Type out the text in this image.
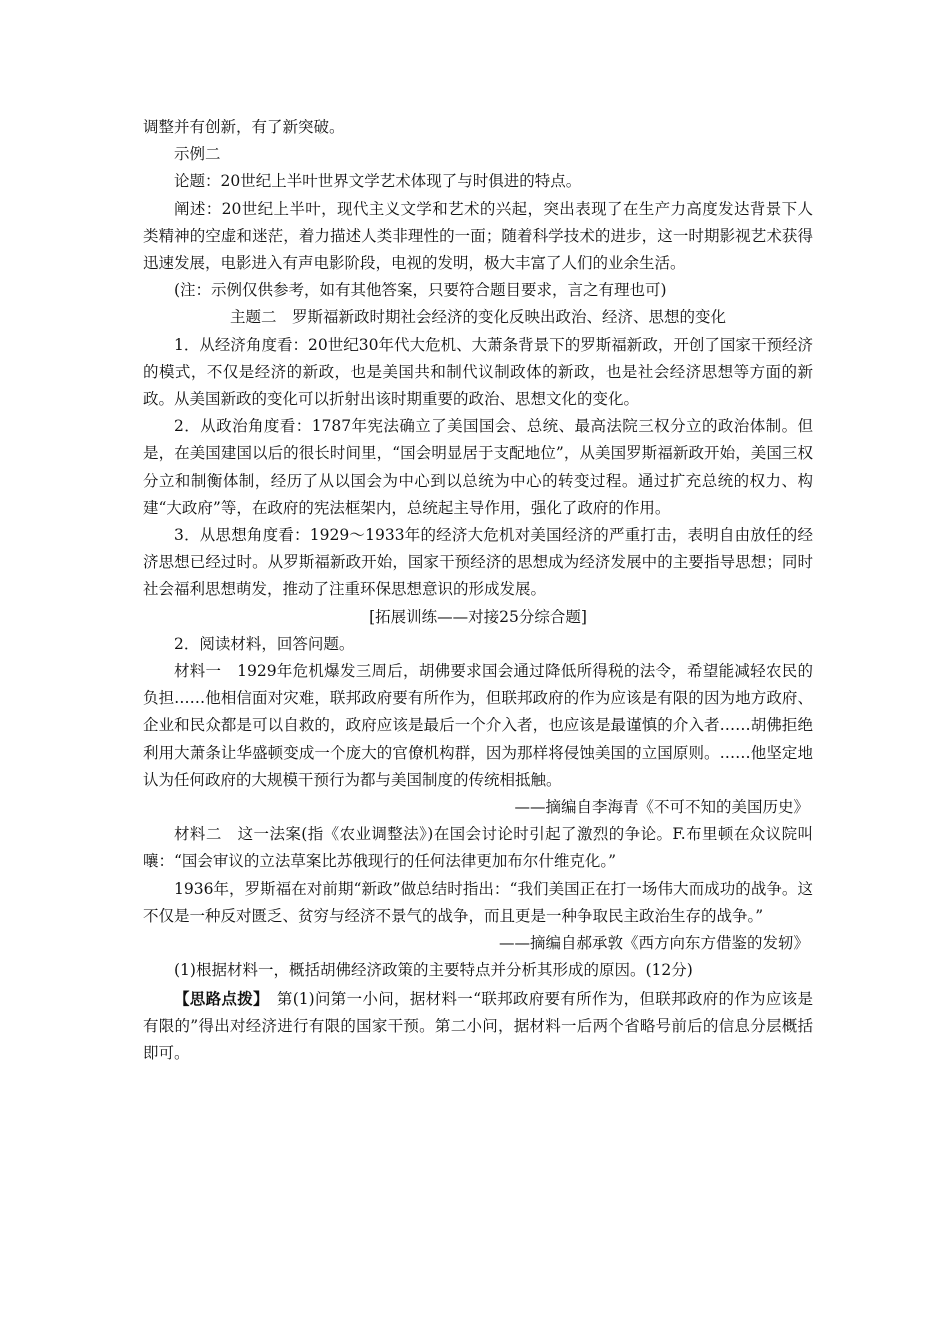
调整并有创新，有了新突破。

示例二

论题：20世纪上半叶世界文学艺术体现了与时俱进的特点。

阐述：20世纪上半叶，现代主义文学和艺术的兴起，突出表现了在生产力高度发达背景下人类精神的空虚和迷茫，着力描述人类非理性的一面；随着科学技术的进步，这一时期影视艺术获得迅速发展，电影进入有声电影阶段，电视的发明，极大丰富了人们的业余生活。

(注：示例仅供参考，如有其他答案，只要符合题目要求，言之有理也可)

主题二　罗斯福新政时期社会经济的变化反映出政治、经济、思想的变化

1．从经济角度看：20世纪30年代大危机、大萧条背景下的罗斯福新政，开创了国家干预经济的模式，不仅是经济的新政，也是美国共和制代议制政体的新政，也是社会经济思想等方面的新政。从美国新政的变化可以折射出该时期重要的政治、思想文化的变化。

2．从政治角度看：1787年宪法确立了美国国会、总统、最高法院三权分立的政治体制。但是，在美国建国以后的很长时间里，“国会明显居于支配地位”，从美国罗斯福新政开始，美国三权分立和制衡体制，经历了从以国会为中心到以总统为中心的转变过程。通过扩充总统的权力、构建“大政府”等，在政府的宪法框架内，总统起主导作用，强化了政府的作用。

3．从思想角度看：1929～1933年的经济大危机对美国经济的严重打击，表明自由放任的经济思想已经过时。从罗斯福新政开始，国家干预经济的思想成为经济发展中的主要指导思想；同时社会福利思想萌发，推动了注重环保思想意识的形成发展。

[拓展训练——对接25分综合题]

2．阅读材料，回答问题。

材料一　1929年危机爆发三周后，胡佛要求国会通过降低所得税的法令，希望能减轻农民的负担……他相信面对灾难，联邦政府要有所作为，但联邦政府的作为应该是有限的因为地方政府、企业和民众都是可以自救的，政府应该是最后一个介入者，也应该是最谨慎的介入者……胡佛拒绝利用大萧条让华盛顿变成一个庞大的官僚机构群，因为那样将侵蚀美国的立国原则。……他坚定地认为任何政府的大规模干预行为都与美国制度的传统相抵触。

——摘编自李海青《不可不知的美国历史》

材料二　这一法案(指《农业调整法》)在国会讨论时引起了激烈的争论。F.布里顿在众议院叫嚷：“国会审议的立法草案比苏俄现行的任何法律更加布尔什维克化。”

1936年，罗斯福在对前期“新政”做总结时指出：“我们美国正在打一场伟大而成功的战争。这不仅是一种反对匮乏、贫穷与经济不景气的战争，而且更是一种争取民主政治生存的战争。”

——摘编自郝承敦《西方向东方借鉴的发轫》

(1)根据材料一，概括胡佛经济政策的主要特点并分析其形成的原因。(12分)

【思路点拨】　第(1)问第一小问，据材料一“联邦政府要有所作为，但联邦政府的作为应该是有限的”得出对经济进行有限的国家干预。第二小问，据材料一后两个省略号前后的信息分层概括即可。
